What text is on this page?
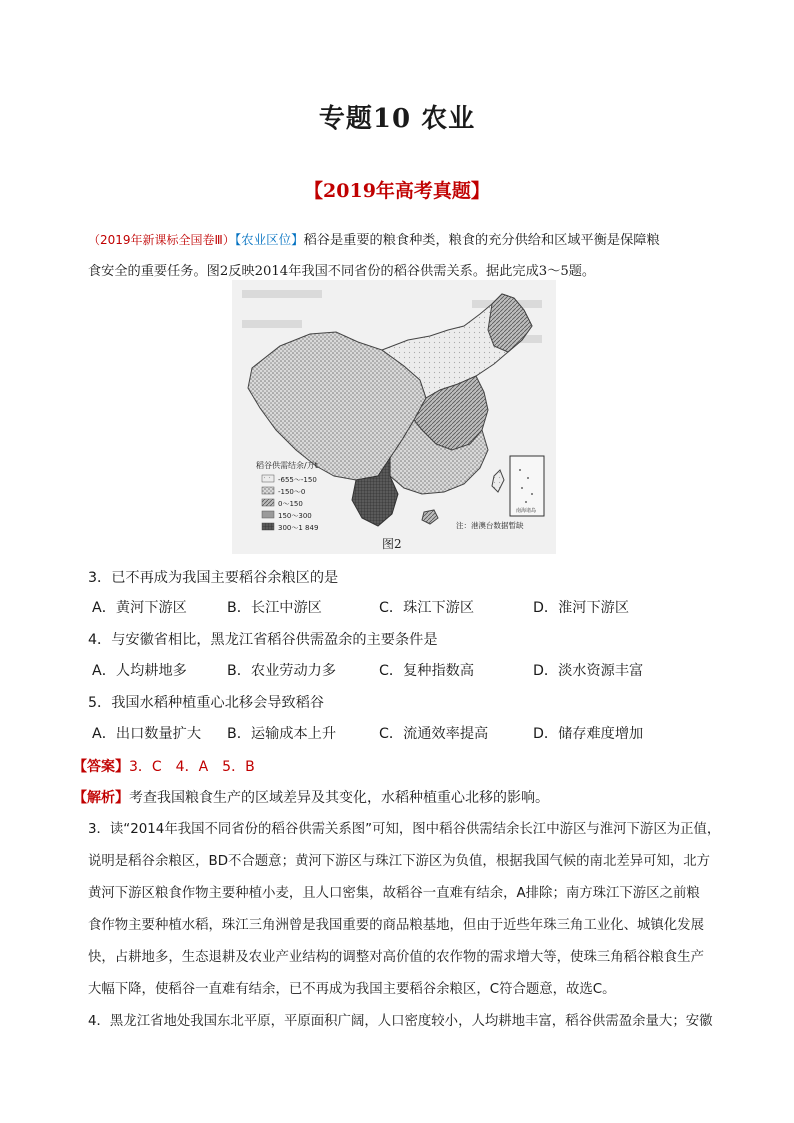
专题10 农业
【2019年高考真题】
（2019年新课标全国卷Ⅲ）【农业区位】稻谷是重要的粮食种类，粮食的充分供给和区域平衡是保障粮
食安全的重要任务。图2反映2014年我国不同省份的稻谷供需关系。据此完成3～5题。
稻谷供需结余/万t
-655～-150
-150～0
0～150
150～300
300～1 849
南海诸岛
注：港澳台数据暂缺
图2
3．已不再成为我国主要稻谷余粮区的是
A．黄河下游区	B．长江中游区	C．珠江下游区	D．淮河下游区
4．与安徽省相比，黑龙江省稻谷供需盈余的主要条件是
A．人均耕地多	B．农业劳动力多	C．复种指数高	D．淡水资源丰富
5．我国水稻种植重心北移会导致稻谷
A．出口数量扩大 B．运输成本上升	C．流通效率提高	D．储存难度增加
【答案】3．C　4．A　5．B
【解析】考查我国粮食生产的区域差异及其变化，水稻种植重心北移的影响。
3．读“2014年我国不同省份的稻谷供需关系图”可知，图中稻谷供需结余长江中游区与淮河下游区为正值，
说明是稻谷余粮区，BD不合题意；黄河下游区与珠江下游区为负值，根据我国气候的南北差异可知，北方
黄河下游区粮食作物主要种植小麦，且人口密集，故稻谷一直难有结余，A排除；南方珠江下游区之前粮
食作物主要种植水稻，珠江三角洲曾是我国重要的商品粮基地，但由于近些年珠三角工业化、城镇化发展
快，占耕地多，生态退耕及农业产业结构的调整对高价值的农作物的需求增大等，使珠三角稻谷粮食生产
大幅下降，使稻谷一直难有结余，已不再成为我国主要稻谷余粮区，C符合题意，故选C。
4．黑龙江省地处我国东北平原，平原面积广阔，人口密度较小，人均耕地丰富，稻谷供需盈余量大；安徽
